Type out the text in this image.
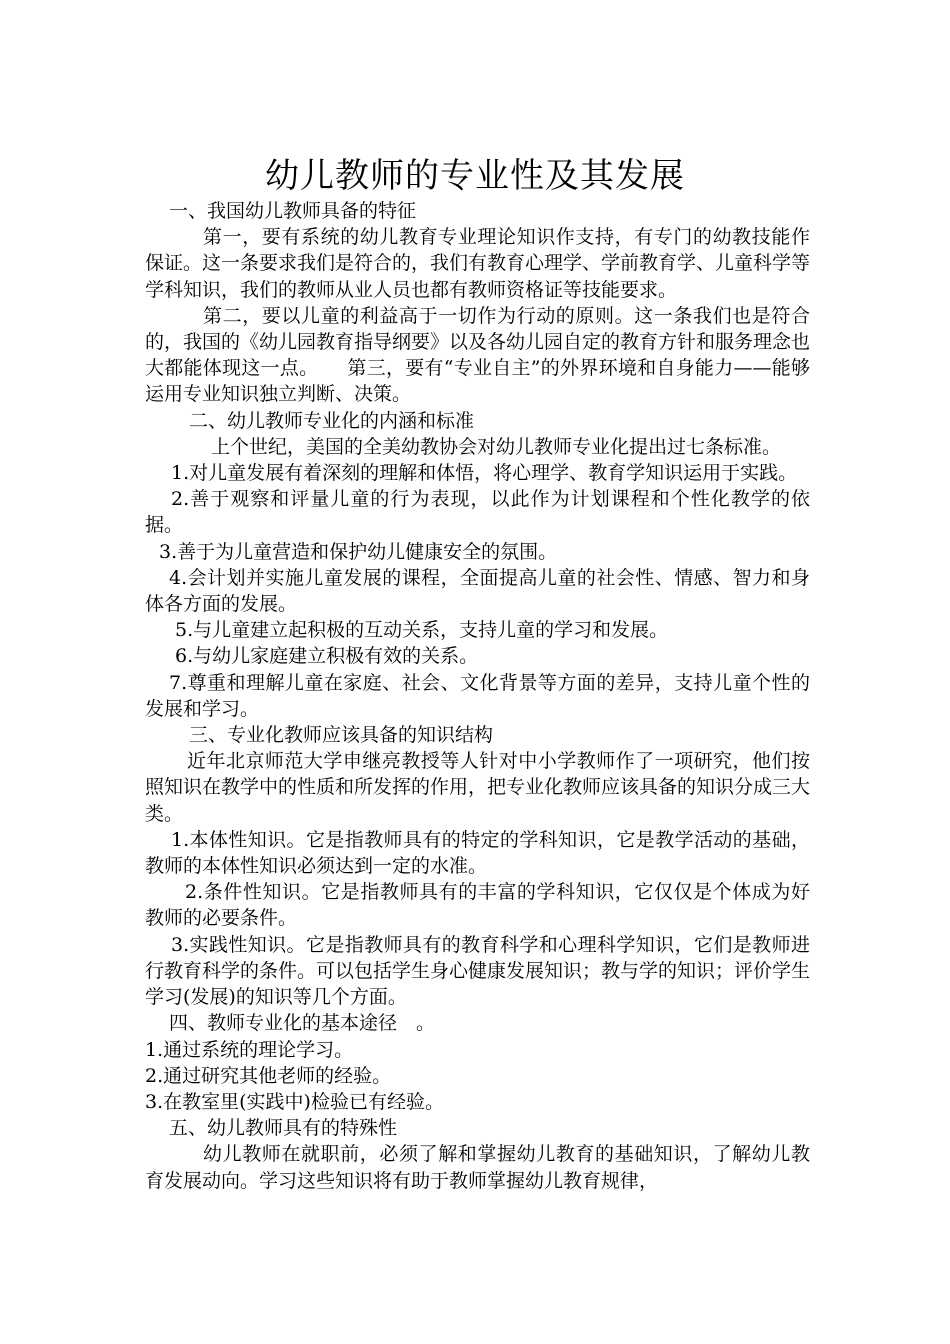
幼儿教师的专业性及其发展

一、我国幼儿教师具备的特征

第一，要有系统的幼儿教育专业理论知识作支持，有专门的幼教技能作保证。这一条要求我们是符合的，我们有教育心理学、学前教育学、儿童科学等学科知识，我们的教师从业人员也都有教师资格证等技能要求。

第二，要以儿童的利益高于一切作为行动的原则。这一条我们也是符合的，我国的《幼儿园教育指导纲要》以及各幼儿园自定的教育方针和服务理念也大都能体现这一点。　　第三，要有“专业自主”的外界环境和自身能力——能够运用专业知识独立判断、决策。

二、幼儿教师专业化的内涵和标准

上个世纪，美国的全美幼教协会对幼儿教师专业化提出过七条标准。

1.对儿童发展有着深刻的理解和体悟，将心理学、教育学知识运用于实践。

2.善于观察和评量儿童的行为表现，以此作为计划课程和个性化教学的依据。

3.善于为儿童营造和保护幼儿健康安全的氛围。

4.会计划并实施儿童发展的课程，全面提高儿童的社会性、情感、智力和身体各方面的发展。

5.与儿童建立起积极的互动关系，支持儿童的学习和发展。

6.与幼儿家庭建立积极有效的关系。

7.尊重和理解儿童在家庭、社会、文化背景等方面的差异，支持儿童个性的发展和学习。

三、专业化教师应该具备的知识结构

近年北京师范大学申继亮教授等人针对中小学教师作了一项研究，他们按照知识在教学中的性质和所发挥的作用，把专业化教师应该具备的知识分成三大类。

1.本体性知识。它是指教师具有的特定的学科知识，它是教学活动的基础，教师的本体性知识必须达到一定的水准。

2.条件性知识。它是指教师具有的丰富的学科知识，它仅仅是个体成为好教师的必要条件。

3.实践性知识。它是指教师具有的教育科学和心理科学知识，它们是教师进行教育科学的条件。可以包括学生身心健康发展知识；教与学的知识；评价学生学习(发展)的知识等几个方面。

四、教师专业化的基本途径　。

1.通过系统的理论学习。

2.通过研究其他老师的经验。

3.在教室里(实践中)检验已有经验。

五、幼儿教师具有的特殊性

幼儿教师在就职前，必须了解和掌握幼儿教育的基础知识，了解幼儿教育发展动向。学习这些知识将有助于教师掌握幼儿教育规律，
